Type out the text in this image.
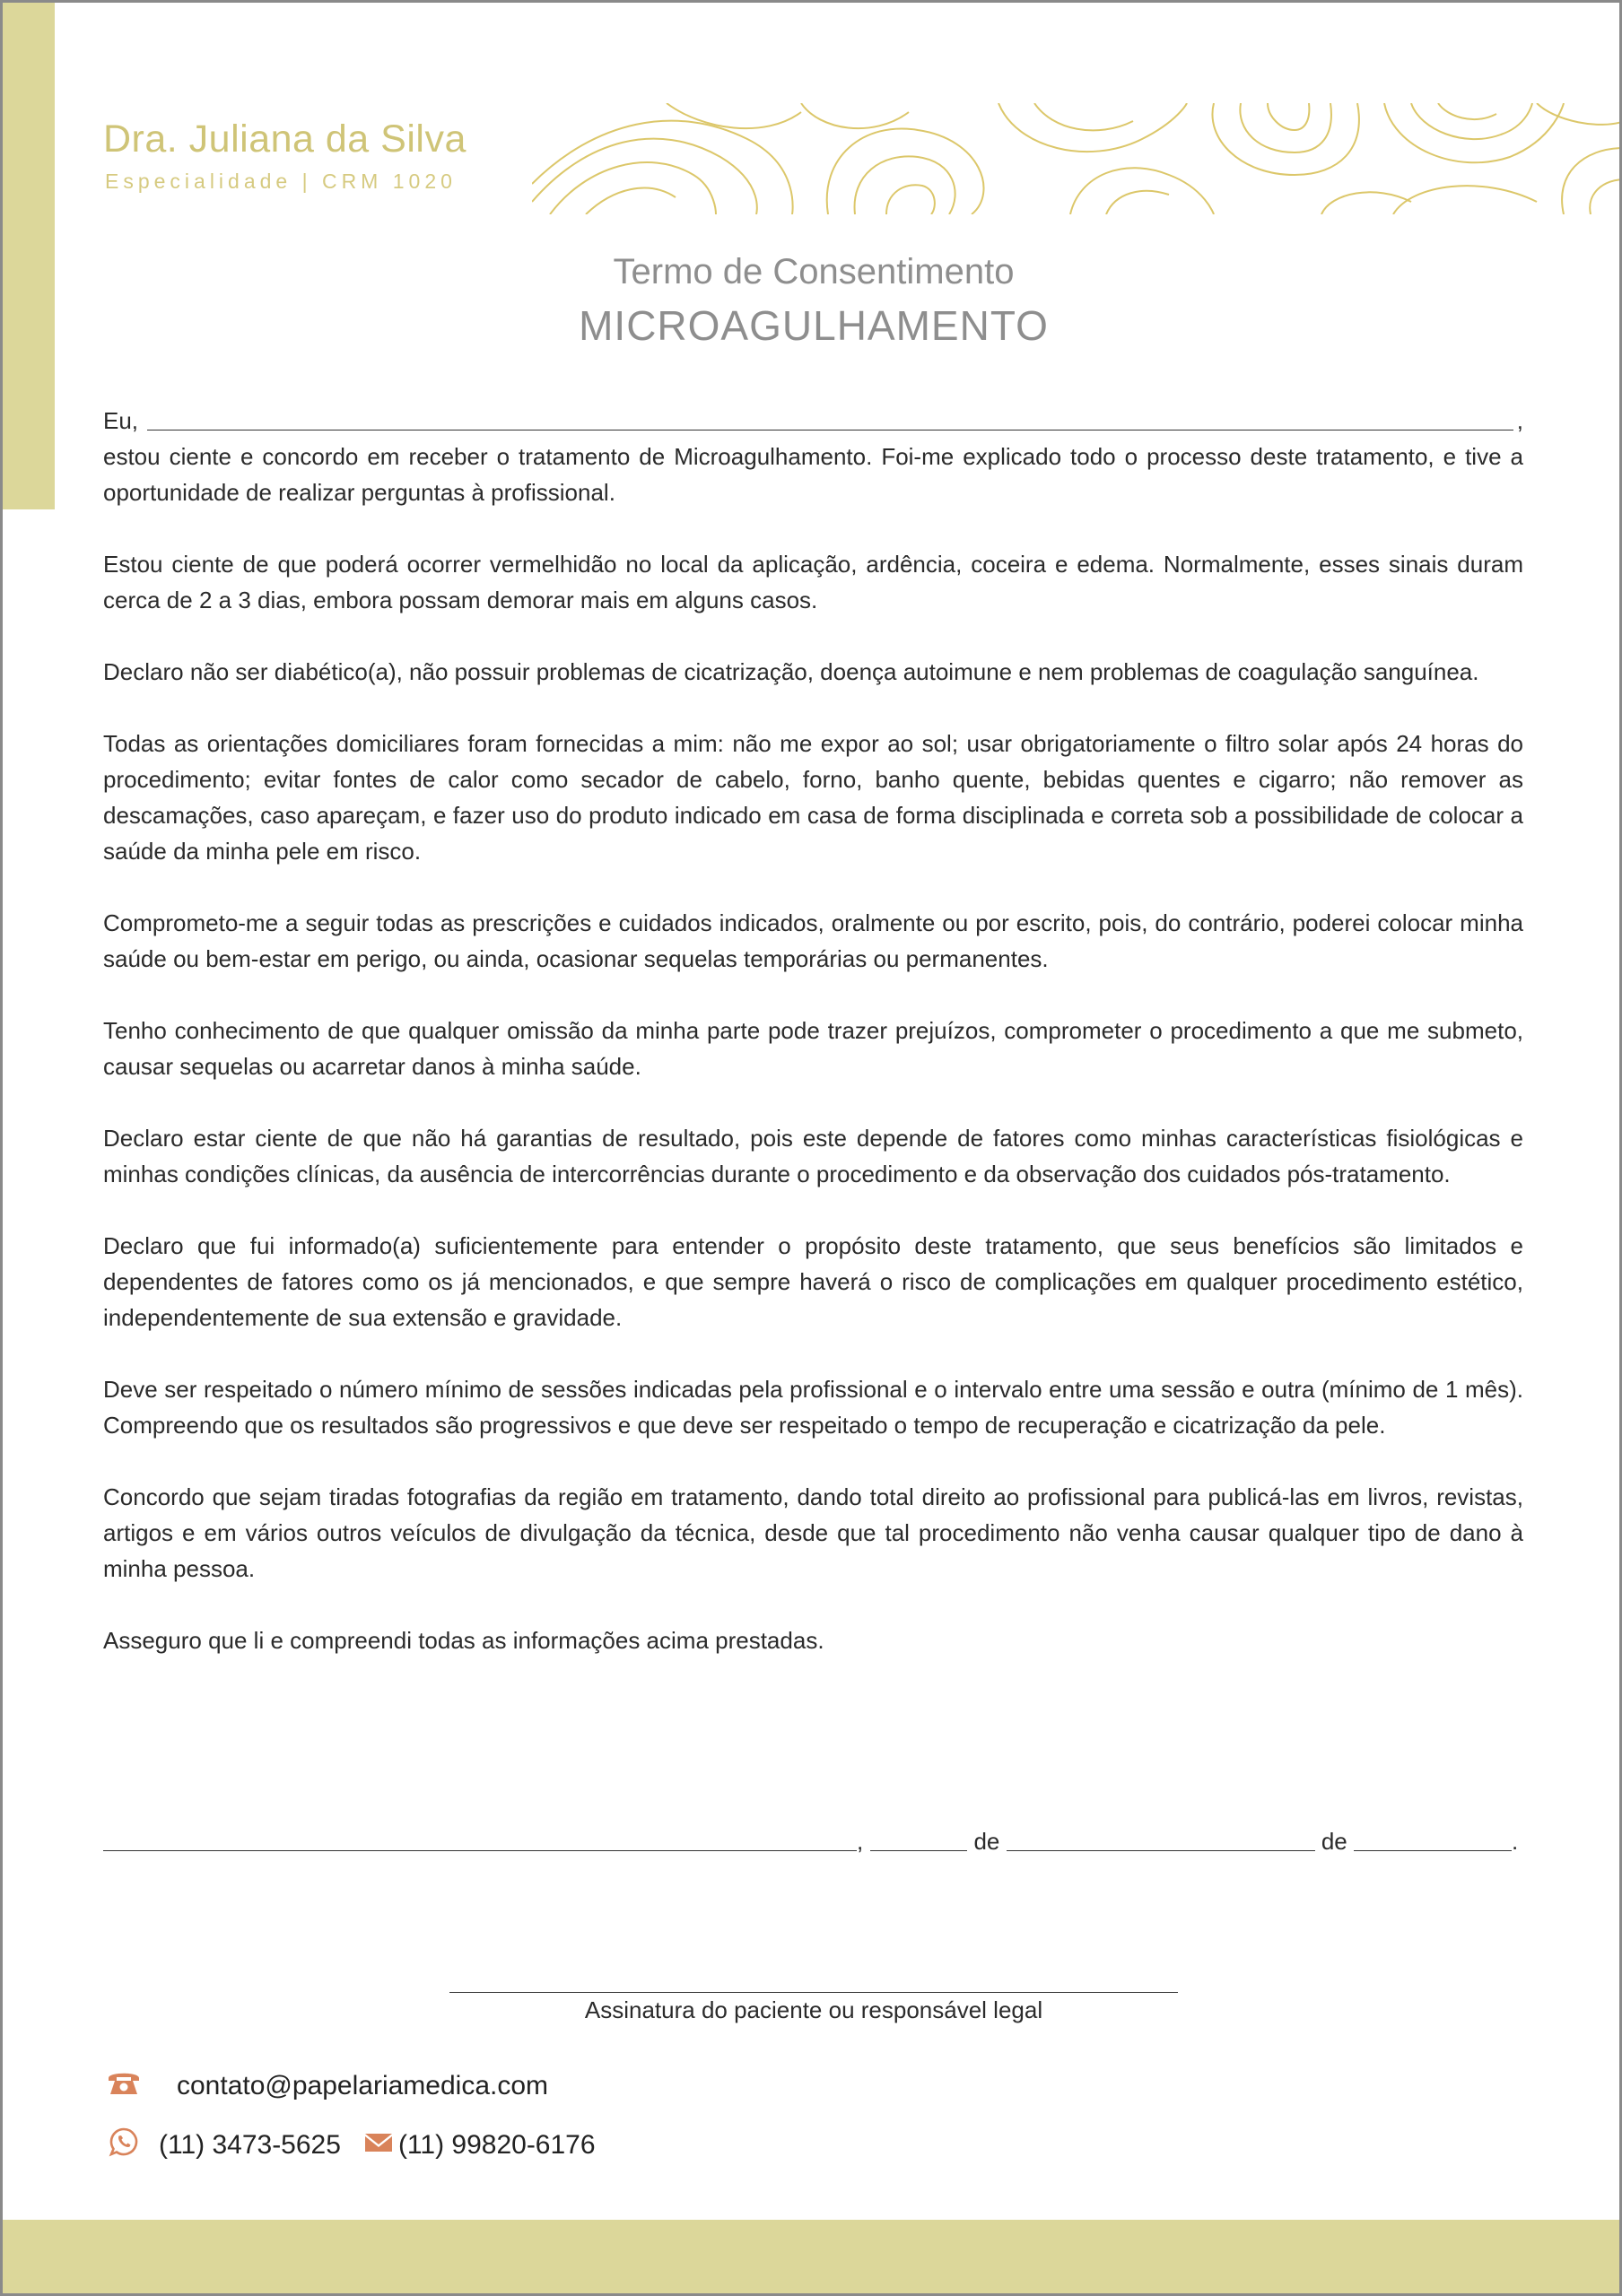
Dra. Juliana da Silva
Especialidade | CRM 1020
Termo de Consentimento
MICROAGULHAMENTO
Eu,	,

estou ciente e concordo em receber o tratamento de Microagulhamento. Foi-me explicado todo o processo deste tratamento, e tive a oportunidade de realizar perguntas à profissional.

Estou ciente de que poderá ocorrer vermelhidão no local da aplicação, ardência, coceira e edema. Normalmente, esses sinais duram cerca de 2 a 3 dias, embora possam demorar mais em alguns casos.

Declaro não ser diabético(a), não possuir problemas de cicatrização, doença autoimune e nem problemas de coagulação sanguínea.

Todas as orientações domiciliares foram fornecidas a mim: não me expor ao sol; usar obrigatoriamente o filtro solar após 24 horas do procedimento; evitar fontes de calor como secador de cabelo, forno, banho quente, bebidas quentes e cigarro; não remover as descamações, caso apareçam, e fazer uso do produto indicado em casa de forma disciplinada e correta sob a possibilidade de colocar a saúde da minha pele em risco.

Comprometo-me a seguir todas as prescrições e cuidados indicados, oralmente ou por escrito, pois, do contrário, poderei colocar minha saúde ou bem-estar em perigo, ou ainda, ocasionar sequelas temporárias ou permanentes.

Tenho conhecimento de que qualquer omissão da minha parte pode trazer prejuízos, comprometer o procedimento a que me submeto, causar sequelas ou acarretar danos à minha saúde.

Declaro estar ciente de que não há garantias de resultado, pois este depende de fatores como minhas características fisiológicas e minhas condições clínicas, da ausência de intercorrências durante o procedimento e da observação dos cuidados pós-tratamento.

Declaro que fui informado(a) suficientemente para entender o propósito deste tratamento, que seus benefícios são limitados e dependentes de fatores como os já mencionados, e que sempre haverá o risco de complicações em qualquer procedimento estético, independentemente de sua extensão e gravidade.

Deve ser respeitado o número mínimo de sessões indicadas pela profissional e o intervalo entre uma sessão e outra (mínimo de 1 mês). Compreendo que os resultados são progressivos e que deve ser respeitado o tempo de recuperação e cicatrização da pele.

Concordo que sejam tiradas fotografias da região em tratamento, dando total direito ao profissional para publicá-las em livros, revistas, artigos e em vários outros veículos de divulgação da técnica, desde que tal procedimento não venha causar qualquer tipo de dano à minha pessoa.

Asseguro que li e compreendi todas as informações acima prestadas.

,	de	de	.
Assinatura do paciente ou responsável legal
contato@papelariamedica.com
(11) 3473-5625 (11) 99820-6176
